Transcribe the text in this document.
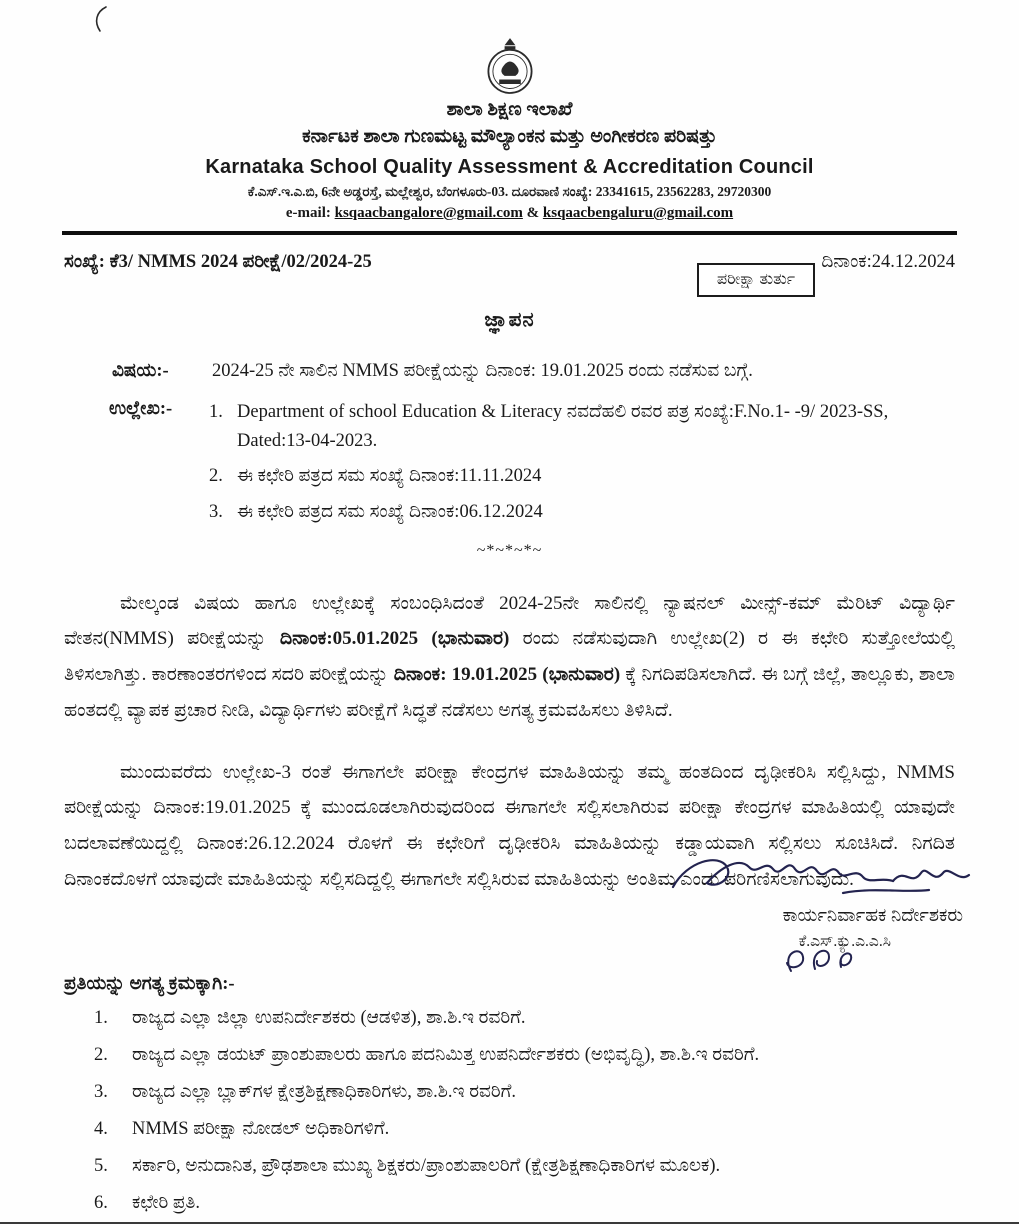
ಶಾಲಾ ಶಿಕ್ಷಣ ಇಲಾಖೆ
ಕರ್ನಾಟಕ ಶಾಲಾ ಗುಣಮಟ್ಟ ಮೌಲ್ಯಾಂಕನ ಮತ್ತು ಅಂಗೀಕರಣ ಪರಿಷತ್ತು
Karnataka School Quality Assessment & Accreditation Council
ಕೆ.ಎಸ್.ಇ.ಎ.ಬಿ, 6ನೇ ಅಡ್ಡರಸ್ತೆ, ಮಲ್ಲೇಶ್ವರ, ಬೆಂಗಳೂರು-03. ದೂರವಾಣಿ ಸಂಖ್ಯೆ: 23341615, 23562283, 29720300
e-mail: ksqaacbangalore@gmail.com & ksqaacbengaluru@gmail.com
ಸಂಖ್ಯೆ: ಕೆ3/ NMMS 2024 ಪರೀಕ್ಷೆ/02/2024-25	ದಿನಾಂಕ:24.12.2024
ಪರೀಕ್ಷಾ ತುರ್ತು
ಜ್ಞಾಪನ
ವಿಷಯ:-	2024-25 ನೇ ಸಾಲಿನ NMMS ಪರೀಕ್ಷೆಯನ್ನು ದಿನಾಂಕ: 19.01.2025 ರಂದು ನಡೆಸುವ ಬಗ್ಗೆ.
ಉಲ್ಲೇಖ:-	1. Department of school Education & Literacy ನವದೆಹಲಿ ರವರ ಪತ್ರ ಸಂಖ್ಯೆ:F.No.1- -9/ 2023-SS, Dated:13-04-2023.
2. ಈ ಕಛೇರಿ ಪತ್ರದ ಸಮ ಸಂಖ್ಯೆ ದಿನಾಂಕ:11.11.2024
3. ಈ ಕಛೇರಿ ಪತ್ರದ ಸಮ ಸಂಖ್ಯೆ ದಿನಾಂಕ:06.12.2024
~*~*~*~
ಮೇಲ್ಕಂಡ ವಿಷಯ ಹಾಗೂ ಉಲ್ಲೇಖಕ್ಕೆ ಸಂಬಂಧಿಸಿದಂತೆ 2024-25ನೇ ಸಾಲಿನಲ್ಲಿ ನ್ಯಾಷನಲ್ ಮೀನ್ಸ್-ಕಮ್ ಮೆರಿಟ್ ವಿದ್ಯಾರ್ಥಿ ವೇತನ(NMMS) ಪರೀಕ್ಷೆಯನ್ನು ದಿನಾಂಕ:05.01.2025 (ಭಾನುವಾರ) ರಂದು ನಡೆಸುವುದಾಗಿ ಉಲ್ಲೇಖ(2) ರ ಈ ಕಛೇರಿ ಸುತ್ತೋಲೆಯಲ್ಲಿ ತಿಳಿಸಲಾಗಿತ್ತು. ಕಾರಣಾಂತರಗಳಿಂದ ಸದರಿ ಪರೀಕ್ಷೆಯನ್ನು ದಿನಾಂಕ: 19.01.2025 (ಭಾನುವಾರ) ಕ್ಕೆ ನಿಗದಿಪಡಿಸಲಾಗಿದೆ. ಈ ಬಗ್ಗೆ ಜಿಲ್ಲೆ, ತಾಲ್ಲೂಕು, ಶಾಲಾ ಹಂತದಲ್ಲಿ ವ್ಯಾಪಕ ಪ್ರಚಾರ ನೀಡಿ, ವಿದ್ಯಾರ್ಥಿಗಳು ಪರೀಕ್ಷೆಗೆ ಸಿದ್ಧತೆ ನಡೆಸಲು ಅಗತ್ಯ ಕ್ರಮವಹಿಸಲು ತಿಳಿಸಿದೆ.
ಮುಂದುವರೆದು ಉಲ್ಲೇಖ-3 ರಂತೆ ಈಗಾಗಲೇ ಪರೀಕ್ಷಾ ಕೇಂದ್ರಗಳ ಮಾಹಿತಿಯನ್ನು ತಮ್ಮ ಹಂತದಿಂದ ದೃಢೀಕರಿಸಿ ಸಲ್ಲಿಸಿದ್ದು, NMMS ಪರೀಕ್ಷೆಯನ್ನು ದಿನಾಂಕ:19.01.2025 ಕ್ಕೆ ಮುಂದೂಡಲಾಗಿರುವುದರಿಂದ ಈಗಾಗಲೇ ಸಲ್ಲಿಸಲಾಗಿರುವ ಪರೀಕ್ಷಾ ಕೇಂದ್ರಗಳ ಮಾಹಿತಿಯಲ್ಲಿ ಯಾವುದೇ ಬದಲಾವಣೆಯಿದ್ದಲ್ಲಿ ದಿನಾಂಕ:26.12.2024 ರೊಳಗೆ ಈ ಕಛೇರಿಗೆ ದೃಢೀಕರಿಸಿ ಮಾಹಿತಿಯನ್ನು ಕಡ್ಡಾಯವಾಗಿ ಸಲ್ಲಿಸಲು ಸೂಚಿಸಿದೆ. ನಿಗದಿತ ದಿನಾಂಕದೊಳಗೆ ಯಾವುದೇ ಮಾಹಿತಿಯನ್ನು ಸಲ್ಲಿಸದಿದ್ದಲ್ಲಿ ಈಗಾಗಲೇ ಸಲ್ಲಿಸಿರುವ ಮಾಹಿತಿಯನ್ನು ಅಂತಿಮ ಎಂದು ಪರಿಗಣಿಸಲಾಗುವುದು.
ಕಾರ್ಯನಿರ್ವಾಹಕ ನಿರ್ದೇಶಕರು
ಕೆ.ಎಸ್.ಕ್ಯು.ಎ.ಎ.ಸಿ
ಪ್ರತಿಯನ್ನು ಅಗತ್ಯ ಕ್ರಮಕ್ಕಾಗಿ:-
1.	ರಾಜ್ಯದ ಎಲ್ಲಾ ಜಿಲ್ಲಾ ಉಪನಿರ್ದೇಶಕರು (ಆಡಳಿತ), ಶಾ.ಶಿ.ಇ ರವರಿಗೆ.
2.	ರಾಜ್ಯದ ಎಲ್ಲಾ ಡಯಟ್ ಪ್ರಾಂಶುಪಾಲರು ಹಾಗೂ ಪದನಿಮಿತ್ತ ಉಪನಿರ್ದೇಶಕರು (ಅಭಿವೃದ್ಧಿ), ಶಾ.ಶಿ.ಇ ರವರಿಗೆ.
3.	ರಾಜ್ಯದ ಎಲ್ಲಾ ಬ್ಲಾಕ್‌ಗಳ ಕ್ಷೇತ್ರಶಿಕ್ಷಣಾಧಿಕಾರಿಗಳು, ಶಾ.ಶಿ.ಇ ರವರಿಗೆ.
4.	NMMS ಪರೀಕ್ಷಾ ನೋಡಲ್ ಅಧಿಕಾರಿಗಳಿಗೆ.
5.	ಸರ್ಕಾರಿ, ಅನುದಾನಿತ, ಪ್ರೌಢಶಾಲಾ ಮುಖ್ಯ ಶಿಕ್ಷಕರು/ಪ್ರಾಂಶುಪಾಲರಿಗೆ (ಕ್ಷೇತ್ರಶಿಕ್ಷಣಾಧಿಕಾರಿಗಳ ಮೂಲಕ).
6.	ಕಛೇರಿ ಪ್ರತಿ.
